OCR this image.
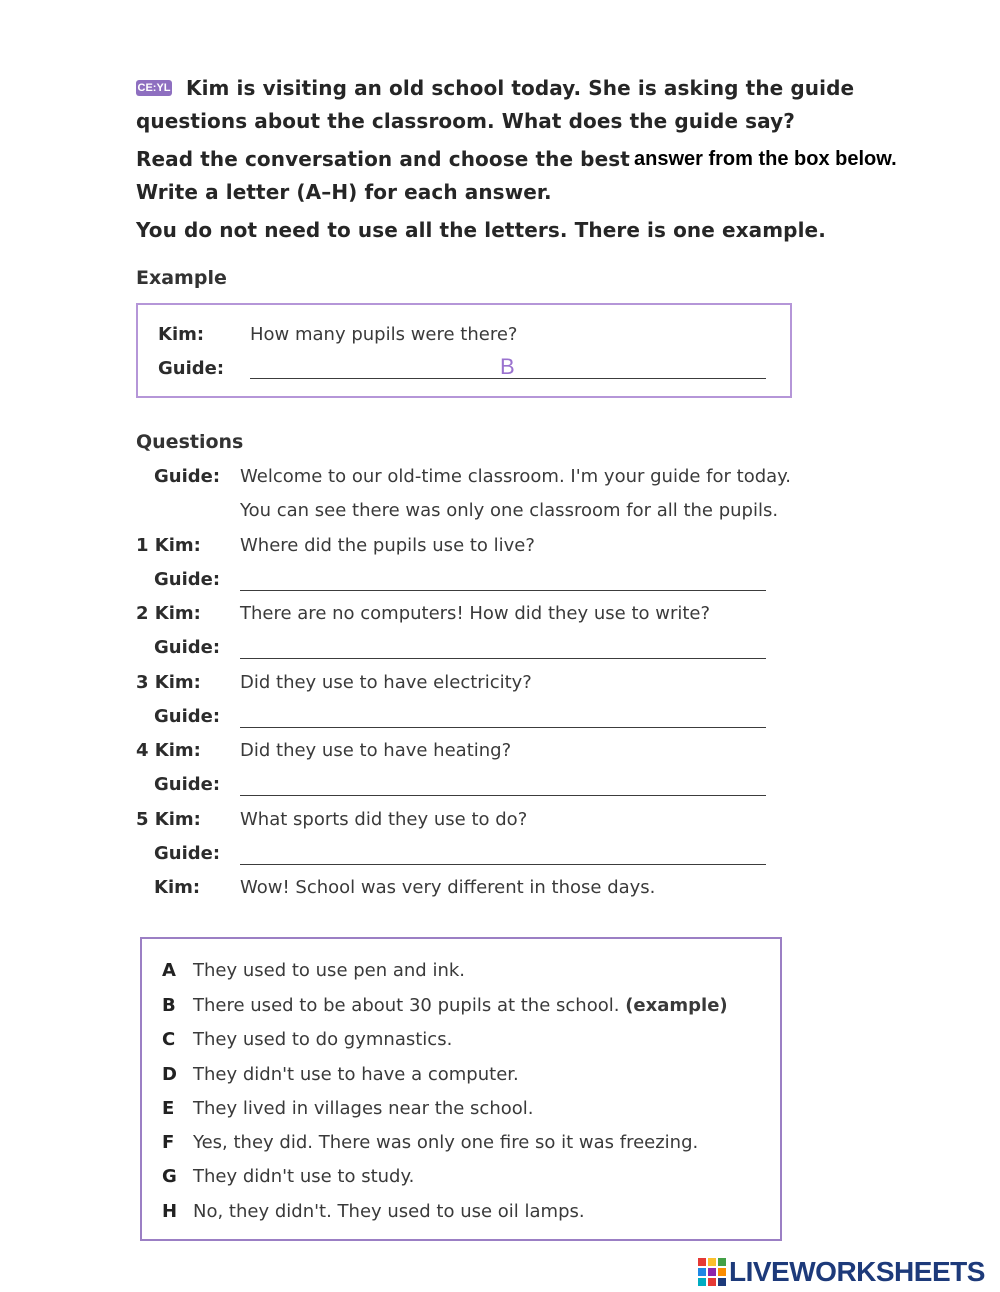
CE:YL Kim is visiting an old school today. She is asking the guide
questions about the classroom. What does the guide say?
Read the conversation and choose the best answer from the box below.
Write a letter (A–H) for each answer.
You do not need to use all the letters. There is one example.
Example
Kim:	How many pupils were there?
Guide:	B
Questions
Guide: Welcome to our old-time classroom. I'm your guide for today.
You can see there was only one classroom for all the pupils.
1 Kim: Where did the pupils use to live?
Guide:
2 Kim: There are no computers! How did they use to write?
Guide:
3 Kim: Did they use to have electricity?
Guide:
4 Kim: Did they use to have heating?
Guide:
5 Kim: What sports did they use to do?
Guide:
Kim: Wow! School was very different in those days.
A They used to use pen and ink.
B There used to be about 30 pupils at the school. (example)
C They used to do gymnastics.
D They didn't use to have a computer.
E They lived in villages near the school.
F Yes, they did. There was only one fire so it was freezing.
G They didn't use to study.
H No, they didn't. They used to use oil lamps.
LIVEWORKSHEETS
